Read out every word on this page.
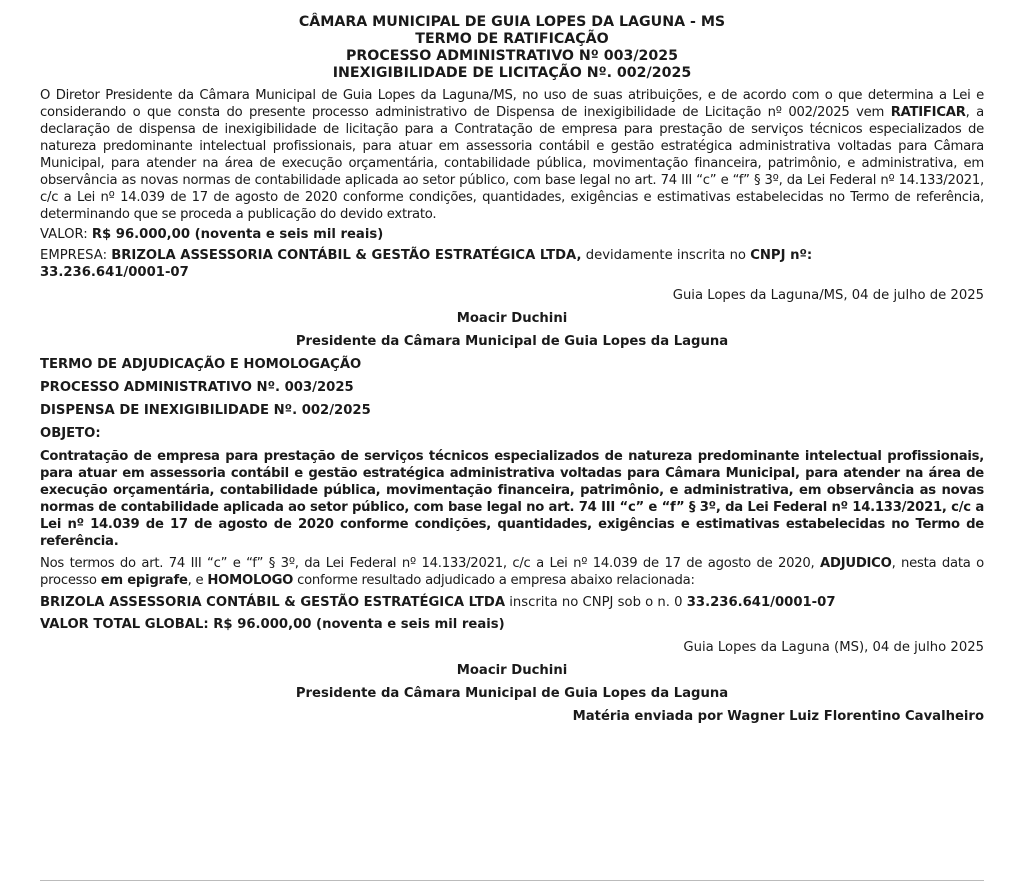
CÂMARA MUNICIPAL DE GUIA LOPES DA LAGUNA - MS
TERMO DE RATIFICAÇÃO
PROCESSO ADMINISTRATIVO Nº 003/2025
INEXIGIBILIDADE DE LICITAÇÃO Nº. 002/2025

O Diretor Presidente da Câmara Municipal de Guia Lopes da Laguna/MS, no uso de suas atribuições, e de acordo com o que determina a Lei e considerando o que consta do presente processo administrativo de Dispensa de inexigibilidade de Licitação nº 002/2025 vem RATIFICAR, a declaração de dispensa de inexigibilidade de licitação para a Contratação de empresa para prestação de serviços técnicos especializados de natureza predominante intelectual profissionais, para atuar em assessoria contábil e gestão estratégica administrativa voltadas para Câmara Municipal, para atender na área de execução orçamentária, contabilidade pública, movimentação financeira, patrimônio, e administrativa, em observância as novas normas de contabilidade aplicada ao setor público, com base legal no art. 74 III “c” e “f” § 3º, da Lei Federal nº 14.133/2021, c/c a Lei nº 14.039 de 17 de agosto de 2020 conforme condições, quantidades, exigências e estimativas estabelecidas no Termo de referência, determinando que se proceda a publicação do devido extrato.

VALOR: R$ 96.000,00 (noventa e seis mil reais)

EMPRESA: BRIZOLA ASSESSORIA CONTÁBIL & GESTÃO ESTRATÉGICA LTDA, devidamente inscrita no CNPJ nº:
33.236.641/0001-07

Guia Lopes da Laguna/MS, 04 de julho de 2025
Moacir Duchini
Presidente da Câmara Municipal de Guia Lopes da Laguna
TERMO DE ADJUDICAÇÃO E HOMOLOGAÇÃO
PROCESSO ADMINISTRATIVO Nº. 003/2025
DISPENSA DE INEXIGIBILIDADE Nº. 002/2025
OBJETO:

Contratação de empresa para prestação de serviços técnicos especializados de natureza predominante intelectual profissionais, para atuar em assessoria contábil e gestão estratégica administrativa voltadas para Câmara Municipal, para atender na área de execução orçamentária, contabilidade pública, movimentação financeira, patrimônio, e administrativa, em observância as novas normas de contabilidade aplicada ao setor público, com base legal no art. 74 III “c” e “f” § 3º, da Lei Federal nº 14.133/2021, c/c a Lei nº 14.039 de 17 de agosto de 2020 conforme condições, quantidades, exigências e estimativas estabelecidas no Termo de referência.

Nos termos do art. 74 III “c” e “f” § 3º, da Lei Federal nº 14.133/2021, c/c a Lei nº 14.039 de 17 de agosto de 2020, ADJUDICO, nesta data o processo em epigrafe, e HOMOLOGO conforme resultado adjudicado a empresa abaixo relacionada:

BRIZOLA ASSESSORIA CONTÁBIL & GESTÃO ESTRATÉGICA LTDA inscrita no CNPJ sob o n. 0 33.236.641/0001-07

VALOR TOTAL GLOBAL: R$ 96.000,00 (noventa e seis mil reais)
Guia Lopes da Laguna (MS), 04 de julho 2025
Moacir Duchini
Presidente da Câmara Municipal de Guia Lopes da Laguna
Matéria enviada por Wagner Luiz Florentino Cavalheiro
